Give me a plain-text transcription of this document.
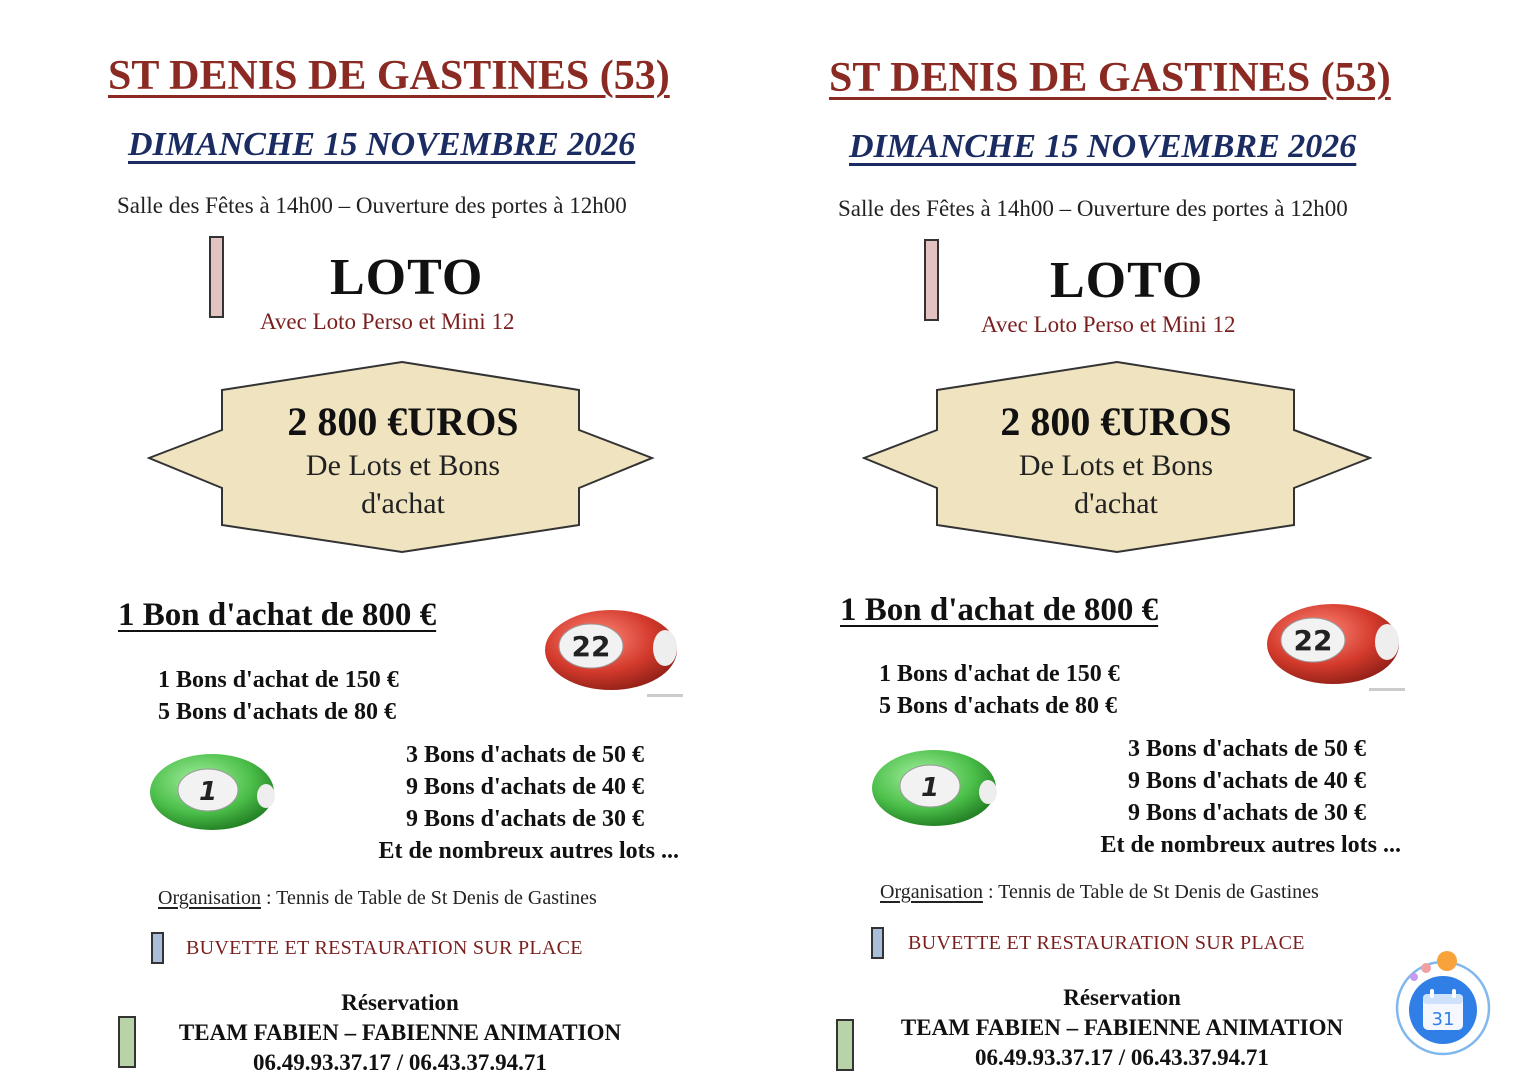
ST DENIS DE GASTINES (53)
DIMANCHE 15 NOVEMBRE 2026
Salle des Fêtes à 14h00 – Ouverture des portes à 12h00
LOTO
Avec Loto Perso et Mini 12
2 800 €UROS
De Lots et Bons
d'achat
1 Bon d'achat de 800 €
22
1 Bons d'achat de 150 €
5 Bons d'achats de 80 €
1
3 Bons d'achats de 50 €
9 Bons d'achats de 40 €
9 Bons d'achats de 30 €
Et de nombreux autres lots ...
Organisation : Tennis de Table de St Denis de Gastines
BUVETTE ET RESTAURATION SUR PLACE
Réservation
TEAM FABIEN – FABIENNE ANIMATION
06.49.93.37.17 / 06.43.37.94.71
ST DENIS DE GASTINES (53)
DIMANCHE 15 NOVEMBRE 2026
Salle des Fêtes à 14h00 – Ouverture des portes à 12h00
LOTO
Avec Loto Perso et Mini 12
2 800 €UROS
De Lots et Bons
d'achat
1 Bon d'achat de 800 €
22
1 Bons d'achat de 150 €
5 Bons d'achats de 80 €
1
3 Bons d'achats de 50 €
9 Bons d'achats de 40 €
9 Bons d'achats de 30 €
Et de nombreux autres lots ...
Organisation : Tennis de Table de St Denis de Gastines
BUVETTE ET RESTAURATION SUR PLACE
Réservation
TEAM FABIEN – FABIENNE ANIMATION
06.49.93.37.17 / 06.43.37.94.71
31
